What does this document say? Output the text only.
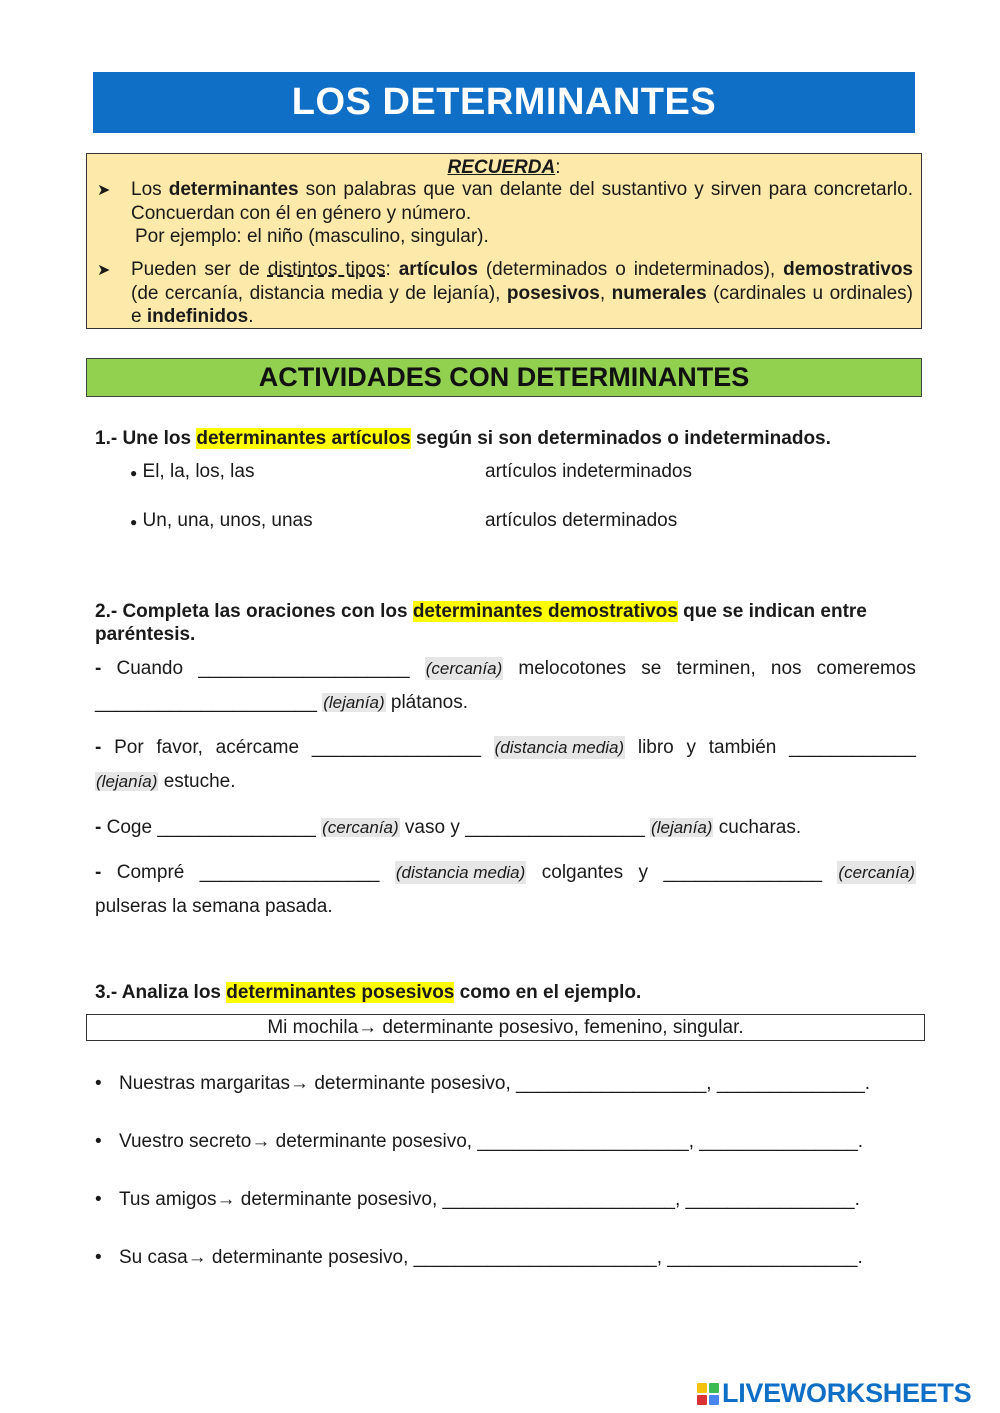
LOS DETERMINANTES
RECUERDA:
➤ Los determinantes son palabras que van delante del sustantivo y sirven para concretarlo. Concuerdan con él en género y número.
Por ejemplo: el niño (masculino, singular).
➤ Pueden ser de distintos tipos: artículos (determinados o indeterminados), demostrativos (de cercanía, distancia media y de lejanía), posesivos, numerales (cardinales u ordinales) e indefinidos.
ACTIVIDADES CON DETERMINANTES
1.- Une los determinantes artículos según si son determinados o indeterminados.
● El, la, los, las
● Un, una, unos, unas
artículos indeterminados
artículos determinados
2.- Completa las oraciones con los determinantes demostrativos que se indican entre paréntesis.
- Cuando ____________________ (cercanía) melocotones se terminen, nos comeremos
_____________________ (lejanía) plátanos.
- Por favor, acércame ________________ (distancia media) libro y también ____________
(lejanía) estuche.
- Coge _______________ (cercanía) vaso y _________________ (lejanía) cucharas.
- Compré _________________ (distancia media) colgantes y _______________ (cercanía)
pulseras la semana pasada.
3.- Analiza los determinantes posesivos como en el ejemplo.
Mi mochila→ determinante posesivo, femenino, singular.
• Nuestras margaritas→ determinante posesivo, __________________, ______________.
• Vuestro secreto→ determinante posesivo, ____________________, _______________.
• Tus amigos→ determinante posesivo, ______________________, ________________.
• Su casa→ determinante posesivo, _______________________, __________________.
LIVEWORKSHEETS
